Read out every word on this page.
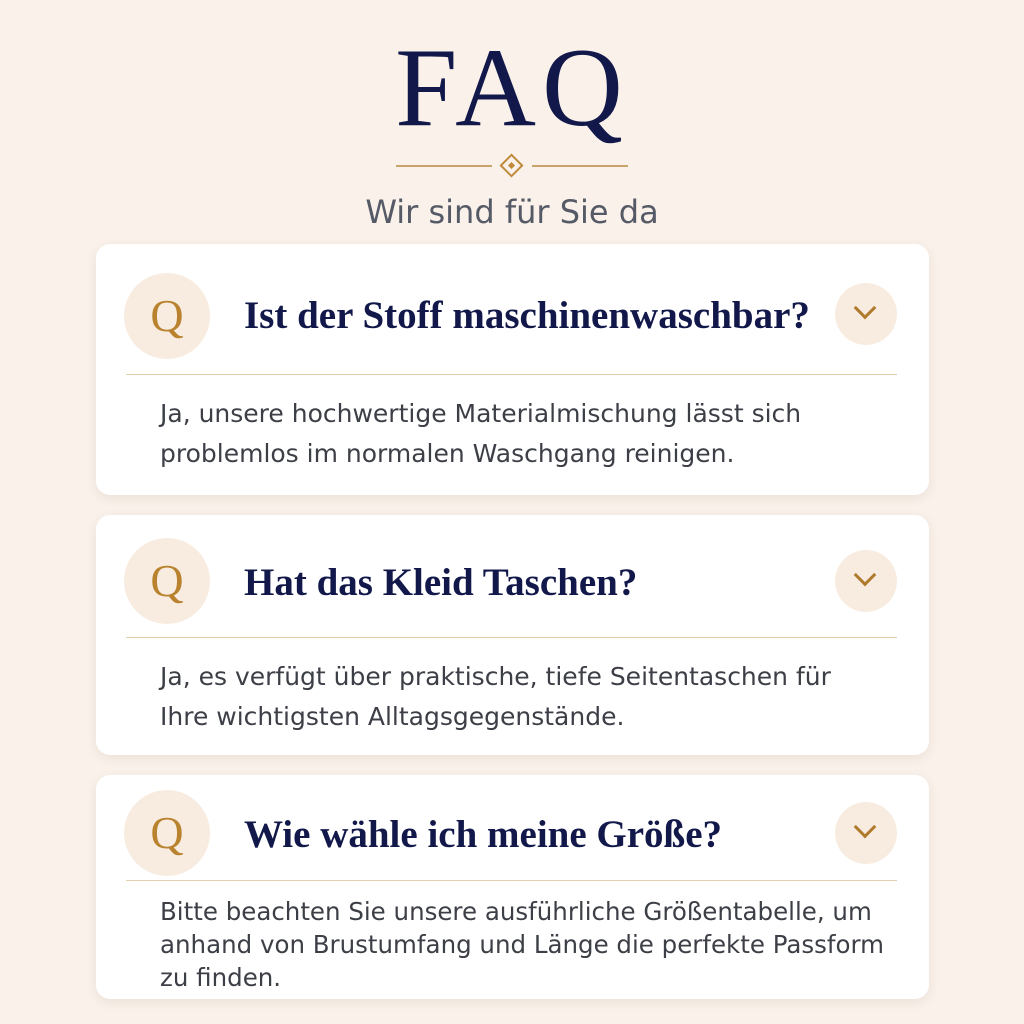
FAQ
Wir sind für Sie da
Q	Ist der Stoff maschinenwaschbar?
Ja, unsere hochwertige Materialmischung lässt sich problemlos im normalen Waschgang reinigen.
Q	Hat das Kleid Taschen?
Ja, es verfügt über praktische, tiefe Seitentaschen für Ihre wichtigsten Alltagsgegenstände.
Q	Wie wähle ich meine Größe?
Bitte beachten Sie unsere ausführliche Größentabelle, um anhand von Brustumfang und Länge die perfekte Passform zu finden.
